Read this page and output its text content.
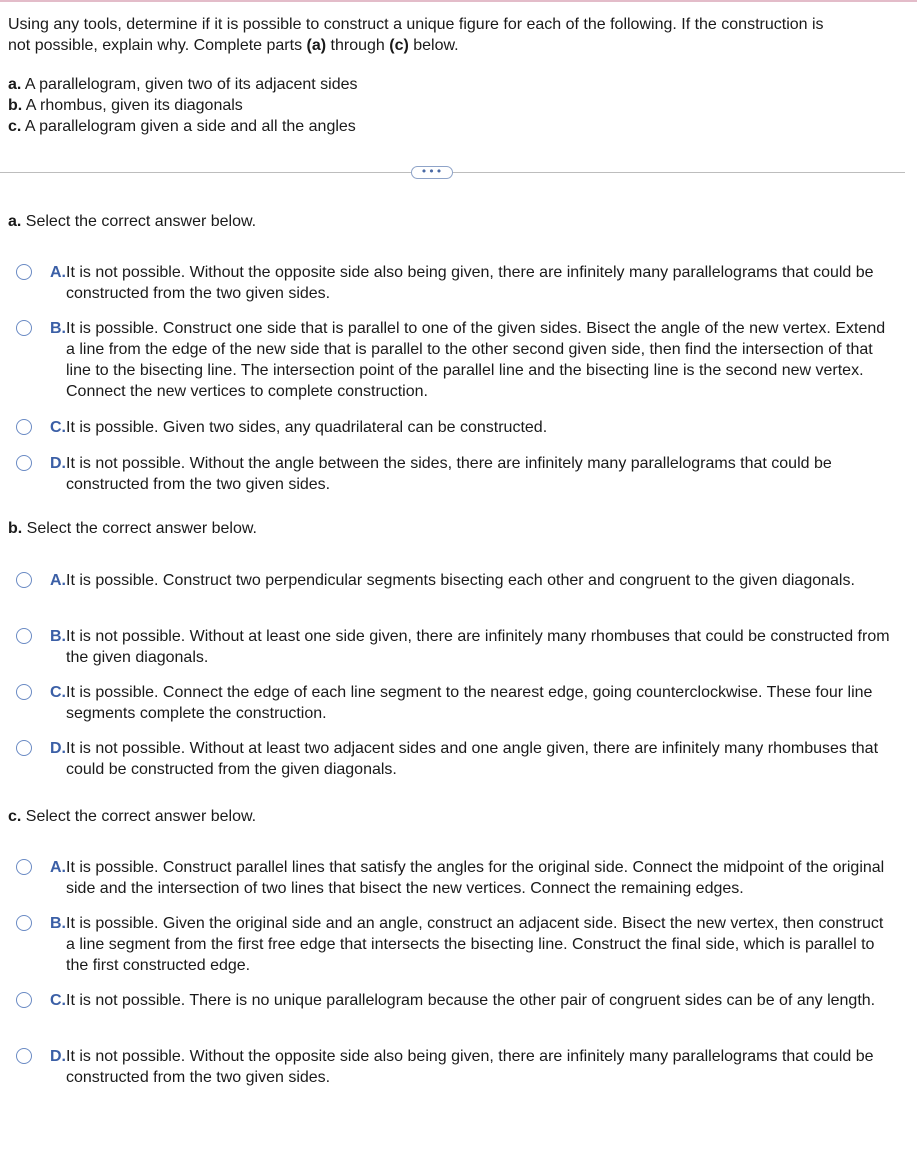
Using any tools, determine if it is possible to construct a unique figure for each of the following. If the construction is

not possible, explain why. Complete parts (a) through (c) below.

a. A parallelogram, given two of its adjacent sides
b. A rhombus, given its diagonals
c. A parallelogram given a side and all the angles
•••
a. Select the correct answer below.
A. It is not possible. Without the opposite side also being given, there are infinitely many parallelograms that could be constructed from the two given sides.
B. It is possible. Construct one side that is parallel to one of the given sides. Bisect the angle of the new vertex. Extend a line from the edge of the new side that is parallel to the other second given side, then find the intersection of that line to the bisecting line. The intersection point of the parallel line and the bisecting line is the second new vertex. Connect the new vertices to complete construction.
C. It is possible. Given two sides, any quadrilateral can be constructed.
D. It is not possible. Without the angle between the sides, there are infinitely many parallelograms that could be constructed from the two given sides.
b. Select the correct answer below.
A. It is possible. Construct two perpendicular segments bisecting each other and congruent to the given diagonals.
B. It is not possible. Without at least one side given, there are infinitely many rhombuses that could be constructed from the given diagonals.
C. It is possible. Connect the edge of each line segment to the nearest edge, going counterclockwise. These four line segments complete the construction.
D. It is not possible. Without at least two adjacent sides and one angle given, there are infinitely many rhombuses that could be constructed from the given diagonals.
c. Select the correct answer below.
A. It is possible. Construct parallel lines that satisfy the angles for the original side. Connect the midpoint of the original side and the intersection of two lines that bisect the new vertices. Connect the remaining edges.
B. It is possible. Given the original side and an angle, construct an adjacent side. Bisect the new vertex, then construct a line segment from the first free edge that intersects the bisecting line. Construct the final side, which is parallel to the first constructed edge.
C. It is not possible. There is no unique parallelogram because the other pair of congruent sides can be of any length.
D. It is not possible. Without the opposite side also being given, there are infinitely many parallelograms that could be constructed from the two given sides.
